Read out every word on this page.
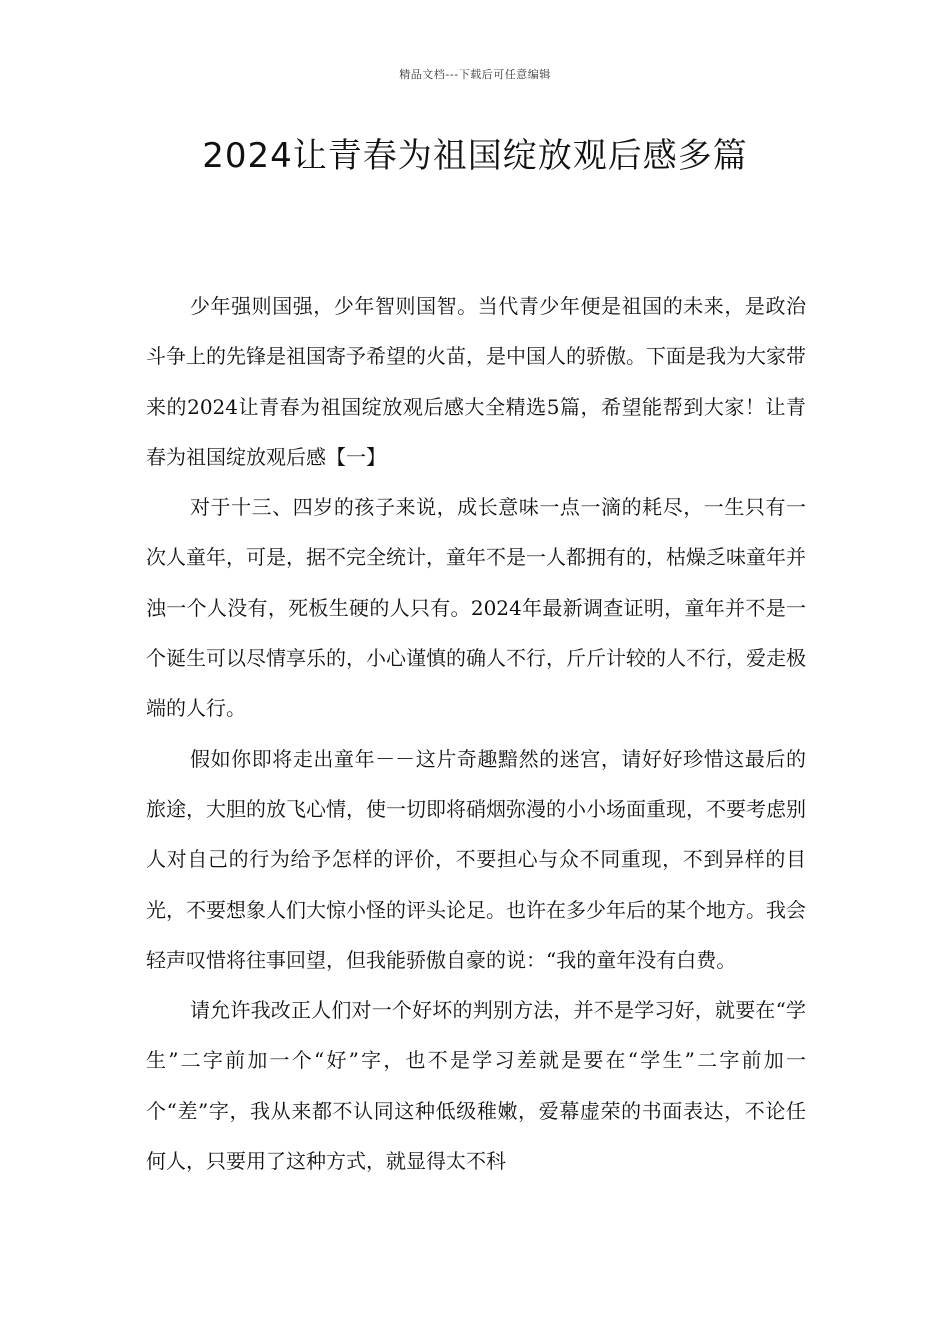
精品文档---下载后可任意编辑
2024让青春为祖国绽放观后感多篇

少年强则国强，少年智则国智。当代青少年便是祖国的未来，是政治斗争上的先锋是祖国寄予希望的火苗，是中国人的骄傲。下面是我为大家带来的2024让青春为祖国绽放观后感大全精选5篇，希望能帮到大家！让青春为祖国绽放观后感【一】

对于十三、四岁的孩子来说，成长意味一点一滴的耗尽，一生只有一次人童年，可是，据不完全统计，童年不是一人都拥有的，枯燥乏味童年并浊一个人没有，死板生硬的人只有。2024年最新调查证明，童年并不是一个诞生可以尽情享乐的，小心谨慎的确人不行，斤斤计较的人不行，爱走极端的人行。

假如你即将走出童年－－这片奇趣黯然的迷宫，请好好珍惜这最后的旅途，大胆的放飞心情，使一切即将硝烟弥漫的小小场面重现，不要考虑别人对自己的行为给予怎样的评价，不要担心与众不同重现，不到异样的目光，不要想象人们大惊小怪的评头论足。也许在多少年后的某个地方。我会轻声叹惜将往事回望，但我能骄傲自豪的说：“我的童年没有白费。

请允许我改正人们对一个好坏的判别方法，并不是学习好，就要在“学生”二字前加一个“好”字，也不是学习差就是要在“学生”二字前加一个“差”字，我从来都不认同这种低级稚嫩，爱幕虚荣的书面表达，不论任何人，只要用了这种方式，就显得太不科
